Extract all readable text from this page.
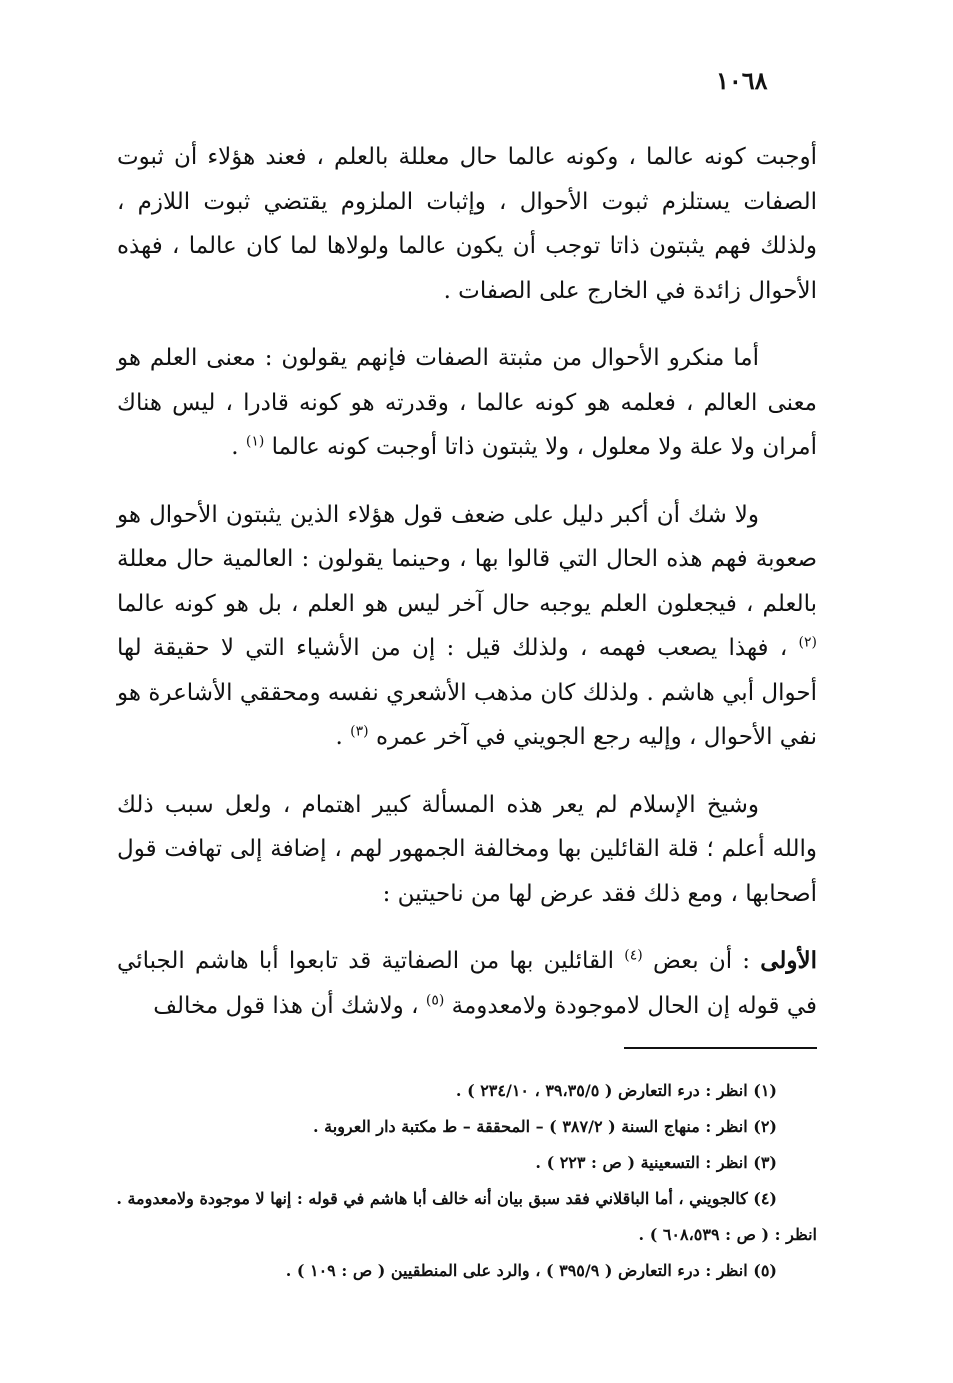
١٠٦٨

أوجبت كونه عالما ، وكونه عالما حال معللة بالعلم ، فعند هؤلاء أن ثبوت الصفات يستلزم ثبوت الأحوال ، وإثبات الملزوم يقتضي ثبوت اللازم ، ولذلك فهم يثبتون ذاتا توجب أن يكون عالما ولولاها لما كان عالما ، فهذه الأحوال زائدة في الخارج على الصفات .

أما منكرو الأحوال من مثبتة الصفات فإنهم يقولون : معنى العلم هو معنى العالم ، فعلمه هو كونه عالما ، وقدرته هو كونه قادرا ، ليس هناك أمران ولا علة ولا معلول ، ولا يثبتون ذاتا أوجبت كونه عالما $^{(١)}$ .

ولا شك أن أكبر دليل على ضعف قول هؤلاء الذين يثبتون الأحوال هو صعوبة فهم هذه الحال التي قالوا بها ، وحينما يقولون : العالمية حال معللة بالعلم ، فيجعلون العلم يوجبه حال آخر ليس هو العلم ، بل هو كونه عالما $^{(٢)}$ ، فهذا يصعب فهمه ، ولذلك قيل : إن من الأشياء التي لا حقيقة لها أحوال أبي هاشم . ولذلك كان مذهب الأشعري نفسه ومحققي الأشاعرة هو نفي الأحوال ، وإليه رجع الجويني في آخر عمره $^{(٣)}$ .

وشيخ الإسلام لم يعر هذه المسألة كبير اهتمام ، ولعل سبب ذلك والله أعلم ؛ قلة القائلين بها ومخالفة الجمهور لهم ، إضافة إلى تهافت قول أصحابها ، ومع ذلك فقد عرض لها من ناحيتين :

الأولى : أن بعض $^{(٤)}$ القائلين بها من الصفاتية قد تابعوا أبا هاشم الجبائي في قوله إن الحال لاموجودة ولامعدومة $^{(٥)}$ ، ولاشك أن هذا قول مخالف

(١) انظر : درء التعارض ( ٣٩،٣٥/٥ ، ٢٣٤/١٠ ) .
(٢) انظر : منهاج السنة ( ٣٨٧/٢ ) – المحققة – ط مكتبة دار العروبة .
(٣) انظر : التسعينية ( ص : ٢٢٣ ) .
(٤) كالجويني ، أما الباقلاني فقد سبق بيان أنه خالف أبا هاشم في قوله : إنها لا موجودة ولامعدومة .
انظر : ( ص : ٦٠٨،٥٣٩ ) .
(٥) انظر : درء التعارض ( ٣٩٥/٩ ) ، والرد على المنطقيين ( ص : ١٠٩ ) .
